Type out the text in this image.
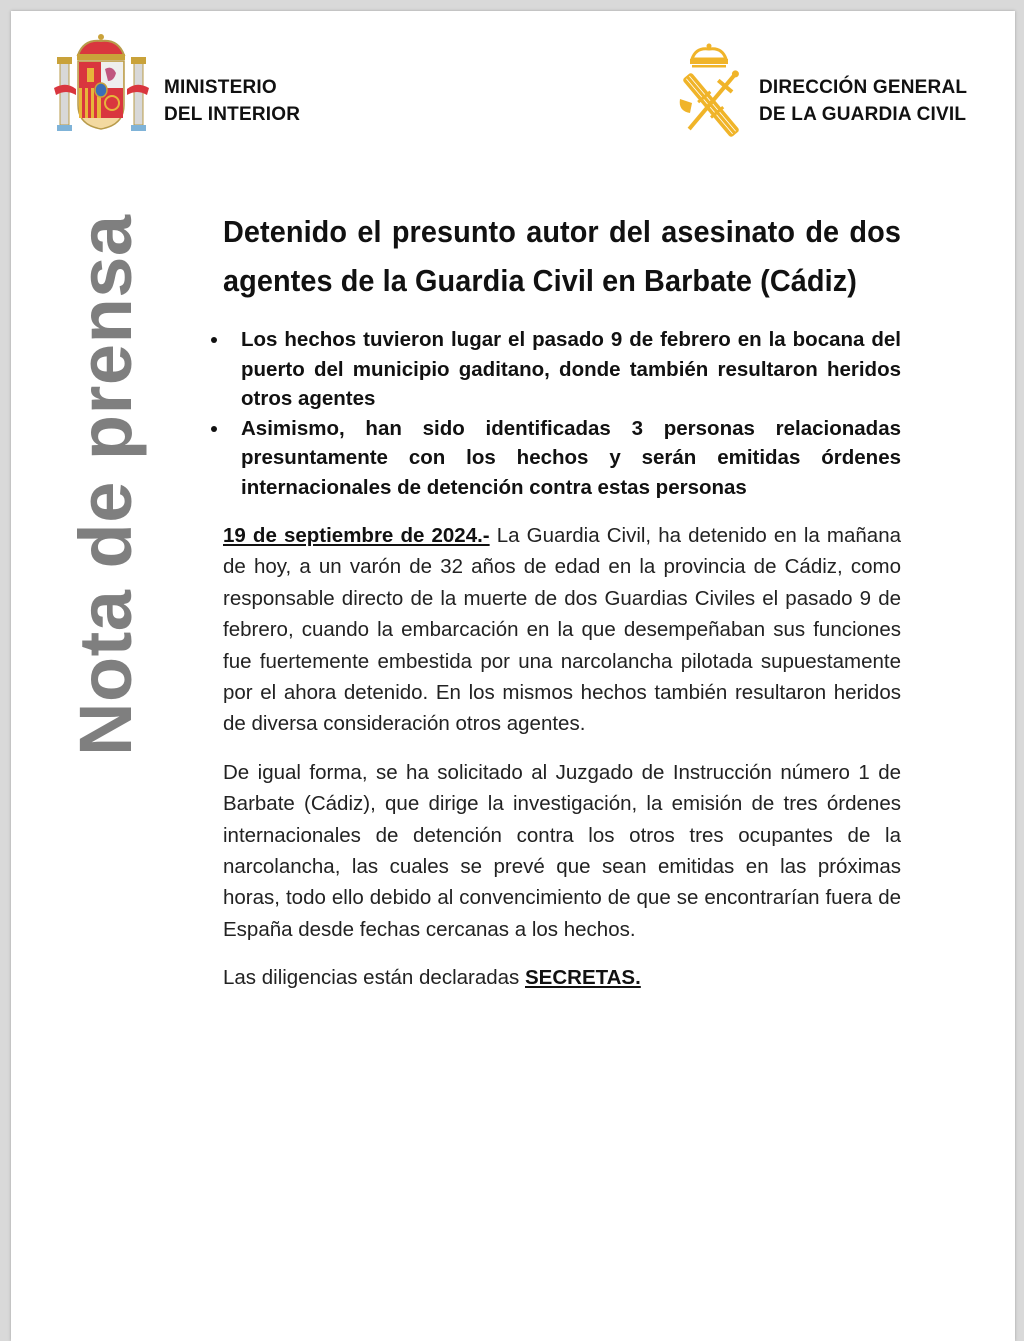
MINISTERIO
DEL INTERIOR
DIRECCIÓN GENERAL
DE LA GUARDIA CIVIL
Nota de prensa Detenido el presunto autor del asesinato de dos agentes de la Guardia Civil en Barbate (Cádiz)
Los hechos tuvieron lugar el pasado 9 de febrero en la bocana del puerto del municipio gaditano, donde también resultaron heridos otros agentes
Asimismo, han sido identificadas 3 personas relacionadas presuntamente con los hechos y serán emitidas órdenes internacionales de detención contra estas personas

19 de septiembre de 2024.- La Guardia Civil, ha detenido en la mañana de hoy, a un varón de 32 años de edad en la provincia de Cádiz, como responsable directo de la muerte de dos Guardias Civiles el pasado 9 de febrero, cuando la embarcación en la que desempeñaban sus funciones fue fuertemente embestida por una narcolancha pilotada supuestamente por el ahora detenido. En los mismos hechos también resultaron heridos de diversa consideración otros agentes.

De igual forma, se ha solicitado al Juzgado de Instrucción número 1 de Barbate (Cádiz), que dirige la investigación, la emisión de tres órdenes internacionales de detención contra los otros tres ocupantes de la narcolancha, las cuales se prevé que sean emitidas en las próximas horas, todo ello debido al convencimiento de que se encontrarían fuera de España desde fechas cercanas a los hechos.

Las diligencias están declaradas SECRETAS.
